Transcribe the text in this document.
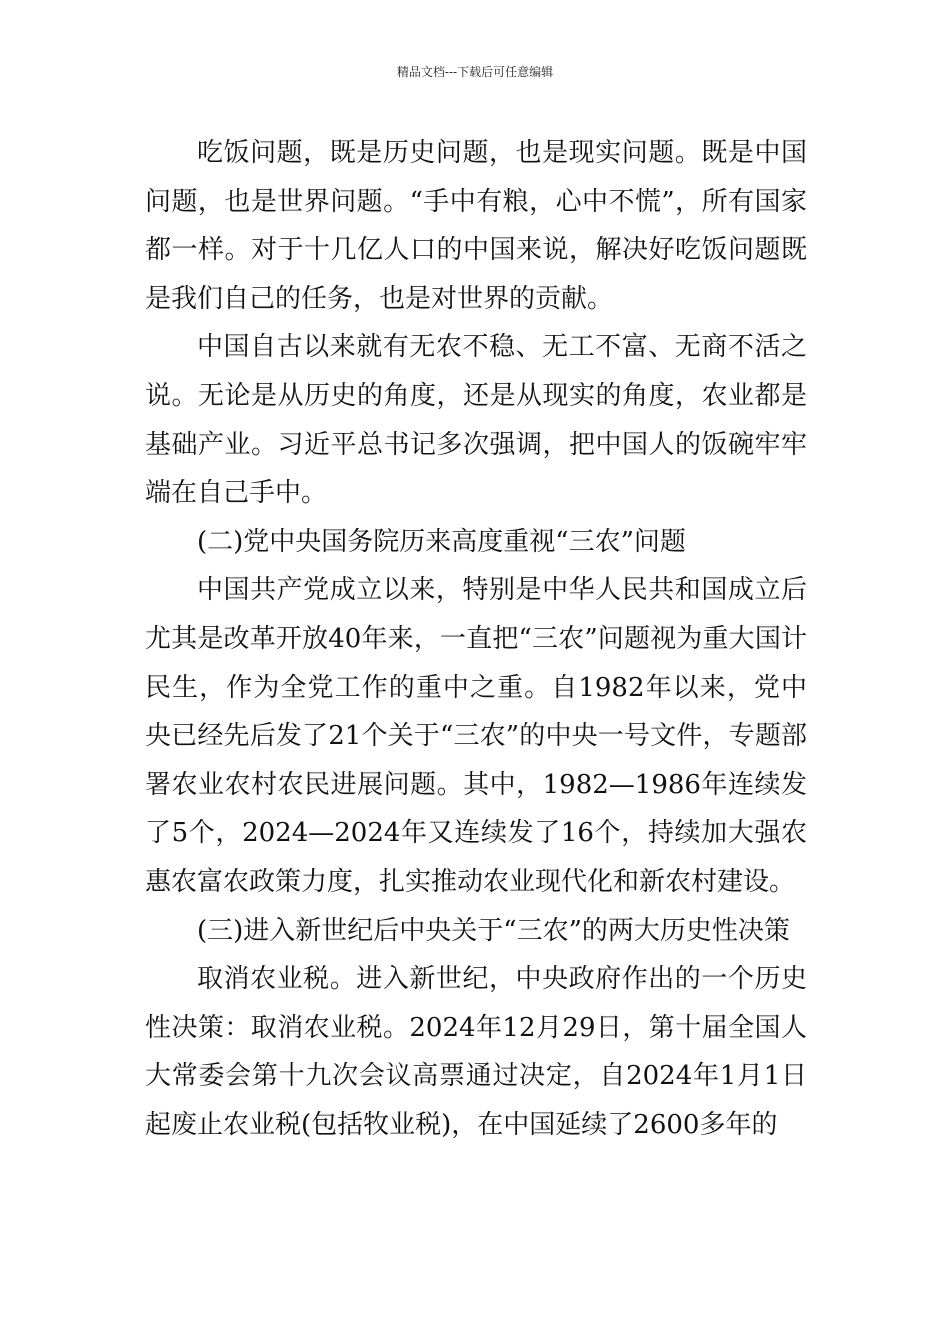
精品文档---下载后可任意编辑

吃饭问题，既是历史问题，也是现实问题。既是中国问题，也是世界问题。“手中有粮，心中不慌”，所有国家都一样。对于十几亿人口的中国来说，解决好吃饭问题既是我们自己的任务，也是对世界的贡献。

中国自古以来就有无农不稳、无工不富、无商不活之说。无论是从历史的角度，还是从现实的角度，农业都是基础产业。习近平总书记多次强调，把中国人的饭碗牢牢端在自己手中。

(二)党中央国务院历来高度重视“三农”问题

中国共产党成立以来，特别是中华人民共和国成立后尤其是改革开放40年来，一直把“三农”问题视为重大国计民生，作为全党工作的重中之重。自1982年以来，党中央已经先后发了21个关于“三农”的中央一号文件，专题部署农业农村农民进展问题。其中，1982—1986年连续发了5个，2024—2024年又连续发了16个，持续加大强农惠农富农政策力度，扎实推动农业现代化和新农村建设。

(三)进入新世纪后中央关于“三农”的两大历史性决策

取消农业税。进入新世纪，中央政府作出的一个历史性决策：取消农业税。2024年12月29日，第十届全国人大常委会第十九次会议高票通过决定，自2024年1月1日起废止农业税(包括牧业税)，在中国延续了2600多年的
